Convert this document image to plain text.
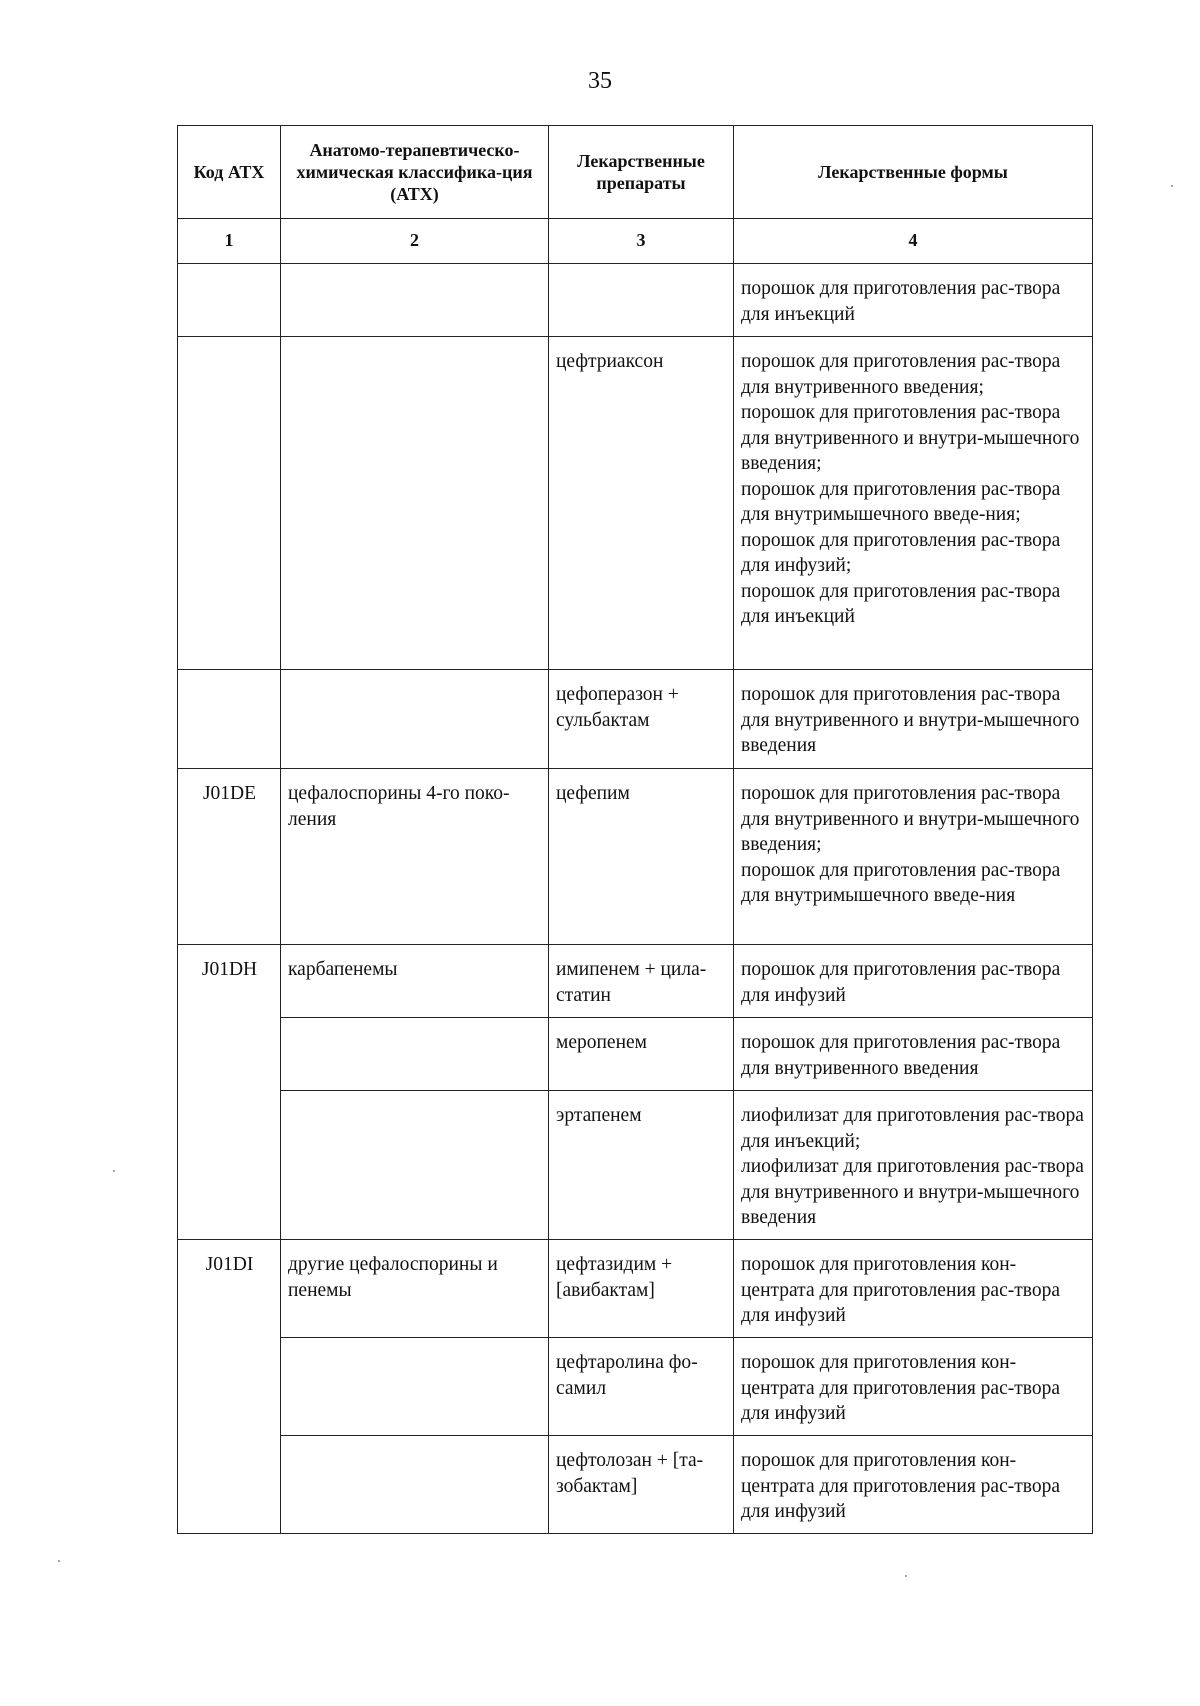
35
Код АТХ	Анатомо-терапевтическо-химическая классифика-ция (АТХ)	Лекарственные препараты	Лекарственные формы
1	2	3	4
			порошок для приготовления рас-твора для инъекций
		цефтриаксон	порошок для приготовления рас-твора для внутривенного введения;
порошок для приготовления рас-твора для внутривенного и внутри-мышечного введения;
порошок для приготовления рас-твора для внутримышечного введе-ния;
порошок для приготовления рас-твора для инфузий;
порошок для приготовления рас-твора для инъекций
		цефоперазон + сульбактам	порошок для приготовления рас-твора для внутривенного и внутри-мышечного введения
J01DE	цефалоспорины 4-го поко-ления	цефепим	порошок для приготовления рас-твора для внутривенного и внутри-мышечного введения;
порошок для приготовления рас-твора для внутримышечного введе-ния
J01DH	карбапенемы	имипенем + цила-статин	порошок для приготовления рас-твора для инфузий
		меропенем	порошок для приготовления рас-твора для внутривенного введения
		эртапенем	лиофилизат для приготовления рас-твора для инъекций;
лиофилизат для приготовления рас-твора для внутривенного и внутри-мышечного введения
J01DI	другие цефалоспорины и пенемы	цефтазидим + [авибактам]	порошок для приготовления кон-центрата для приготовления рас-твора для инфузий
		цефтаролина фо-самил	порошок для приготовления кон-центрата для приготовления рас-твора для инфузий
		цефтолозан + [та-зобактам]	порошок для приготовления кон-центрата для приготовления рас-твора для инфузий
